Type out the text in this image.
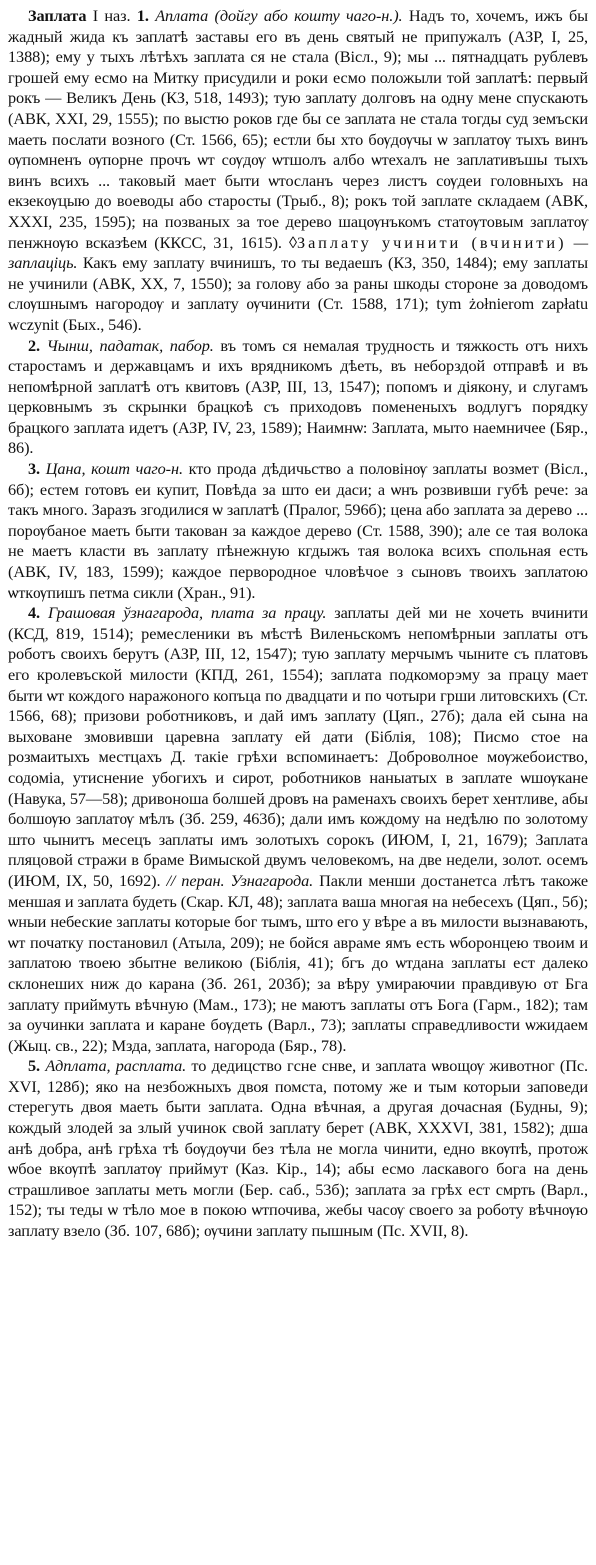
Заплата І наз. 1. Аплата (дойгу або кошту чаго-н.). Надъ то, хочемъ, ижъ бы жадный жида къ заплатѣ заставы его въ день святый не припужалъ (АЗР, І, 25, 1388); ему у тыхъ лѣтѣхъ заплата ся не стала (Вісл., 9); мы ... пятнадцать рублевъ грошей ему есмо на Митку присудили и роки есмо положыли той заплатѣ: первый рокъ — Великъ День (КЗ, 518, 1493); тую заплату долговъ на одну мене спускають (АВК, XXI, 29, 1555); по выстю роков где бы се заплата не стала тогды суд земъски маеть послати возного (Ст. 1566, 65); естли бы хто бѹдѹчы ѡ заплатѹ тыхъ винъ ѹпомненъ ѹпорне прочъ ѡт сѹдѹ ѡтшолъ албо ѡтехалъ не заплативъшы тыхъ винъ всихъ ... таковый мает быти ѡтосланъ через листъ сѹдеи головныхъ на екзекѹцыю до воеводы або старосты (Трыб., 8); рокъ той заплате складаем (АВК, XXXI, 235, 1595); на позваных за тое дерево шацѹнъкомъ статѹтовым заплатѹ пенжнѹю всказѣем (ККСС, 31, 1615). ◊Заплату учинити (вчинити) — заплаціць. Какъ ему заплату вчинишъ, то ты ведаешъ (КЗ, 350, 1484); ему заплаты не учинили (АВК, XX, 7, 1550); за голову або за раны шкоды стороне за доводомъ слѹшнымъ нагородѹ и заплату ѹчинити (Ст. 1588, 171); tym żołnierom zapłatu wczynit (Бых., 546).

2. Чынш, падатак, пабор. въ томъ ся немалая трудность и тяжкость отъ нихъ старостамъ и державцамъ и ихъ врядникомъ дѣеть, въ неборздой отправѣ и въ непомѣрной заплатѣ отъ квитовъ (АЗР, ІІІ, 13, 1547); попомъ и дiяконy, и слугамъ церковнымъ зъ скрынки брацкоѣ съ приходовъ помененыхъ водлугъ порядку брацкого заплата идетъ (АЗР, IV, 23, 1589); Наимнѡ: Заплата, мыто наемничее (Бяр., 86).

3. Цана, кошт чаго-н. кто прода дѣдичьство а половiнѹ заплаты возмет (Вісл., 6б); естем готовъ еи купит, Повѣда за што еи даси; а ѡнъ розвивши губѣ рече: за такъ много. Заразъ згодилися ѡ заплатѣ (Пралог, 596б); цена або заплата за дерево ... порѹбаное маеть быти такован за каждое дерево (Ст. 1588, 390); але се тая волока не маетъ класти въ заплату пѣнежную кгдыжъ тая волока всихъ спольная есть (АВК, IV, 183, 1599); каждое первородное чловѣчое з сыновъ твоихъ заплатою ѡткѹпишъ петма сикли (Хран., 91).

4. Грашовая ўзнагарода, плата за працу. заплаты дей ми не хочеть вчинити (КСД, 819, 1514); ремесленики въ мѣстѣ Виленьскомъ непомѣрныи заплаты отъ роботъ своихъ берутъ (АЗР, ІІІ, 12, 1547); тую заплату мерчымъ чыните съ платовъ его кролевъской милости (КПД, 261, 1554); заплата подкоморэму за працу мает быти ѡт кождого наражоного копъца по двадцати и по чотыри грши литовскихъ (Ст. 1566, 68); призови роботниковъ, и дай имъ заплату (Цяп., 27б); дала ей сына на выховане змовивши царевна заплату ей дати (Біблія, 108); Писмо стое на розмаитыхъ местцахъ Д. такіе грѣхи вспоминаетъ: Доброволное мѹжебоиство, содоміа, утиснение убогихъ и сирот, роботников наныатых в заплате ѡшѹкане (Навука, 57—58); дривоноша болшей дровъ на раменахъ своихъ берет хентливе, абы болшѹю заплатѹ мѣлъ (Зб. 259, 463б); дали имъ кождому на недѣлю по золотому што чынитъ месецъ заплаты имъ золотыхъ сорокъ (ИЮМ, I, 21, 1679); Заплата пляцовой стражи в браме Вимыской двумъ человекомъ, на две недели, золот. осемъ (ИЮМ, IX, 50, 1692). // перан. Узнагарода. Пакли менши достанетса лѣтъ такоже меншая и заплата будеть (Скар. КЛ, 48); заплата ваша многая на небесехъ (Цяп., 5б); ѡныи небеские заплаты которые бог тымъ, што его у вѣре а въ милости вызнавають, ѡт початку постановил (Атыла, 209); не бойся авраме ямъ есть ѡборонцею твоим и заплатою твоею збытне великою (Біблія, 41); бгъ до ѡтдана заплаты ест далеко склонеших ниж до карана (Зб. 261, 203б); за вѣру умираючии правдивую от Бга заплату приймуть вѣчную (Мам., 173); не маютъ заплаты отъ Бога (Гарм., 182); там за оучинки заплата и каране бѹдеть (Варл., 73); заплаты справедливости ѡжидаем (Жыц. св., 22); Мзда, заплата, нагорода (Бяр., 78).

5. Адплата, расплата. то дедицство гсне снве, и заплата ѡвощѹ животног (Пс. XVI, 128б); яко на незбожныхъ двоя помста, потому же и тым которыи заповеди стерегуть двоя маеть быти заплата. Одна вѣчная, а другая дочасная (Будны, 9); кождый злодей за злый учинок свой заплату берет (АВК, XXXVI, 381, 1582); дша анѣ добра, анѣ грѣха тѣ бѹдѹчи без тѣла не могла чинити, едно вкѹпѣ, протож ѡбое вкѹпѣ заплатѹ приймут (Каз. Кір., 14); абы есмо ласкавого бога на день страшливое заплаты меть могли (Бер. саб., 53б); заплата за грѣх ест смрть (Варл., 152); ты теды ѡ тѣло мое в покою ѡтпочива, жебы часѹ своего за роботу вѣчнѹю заплату взело (Зб. 107, 68б); ѹчини заплату пышным (Пс. XVII, 8).
